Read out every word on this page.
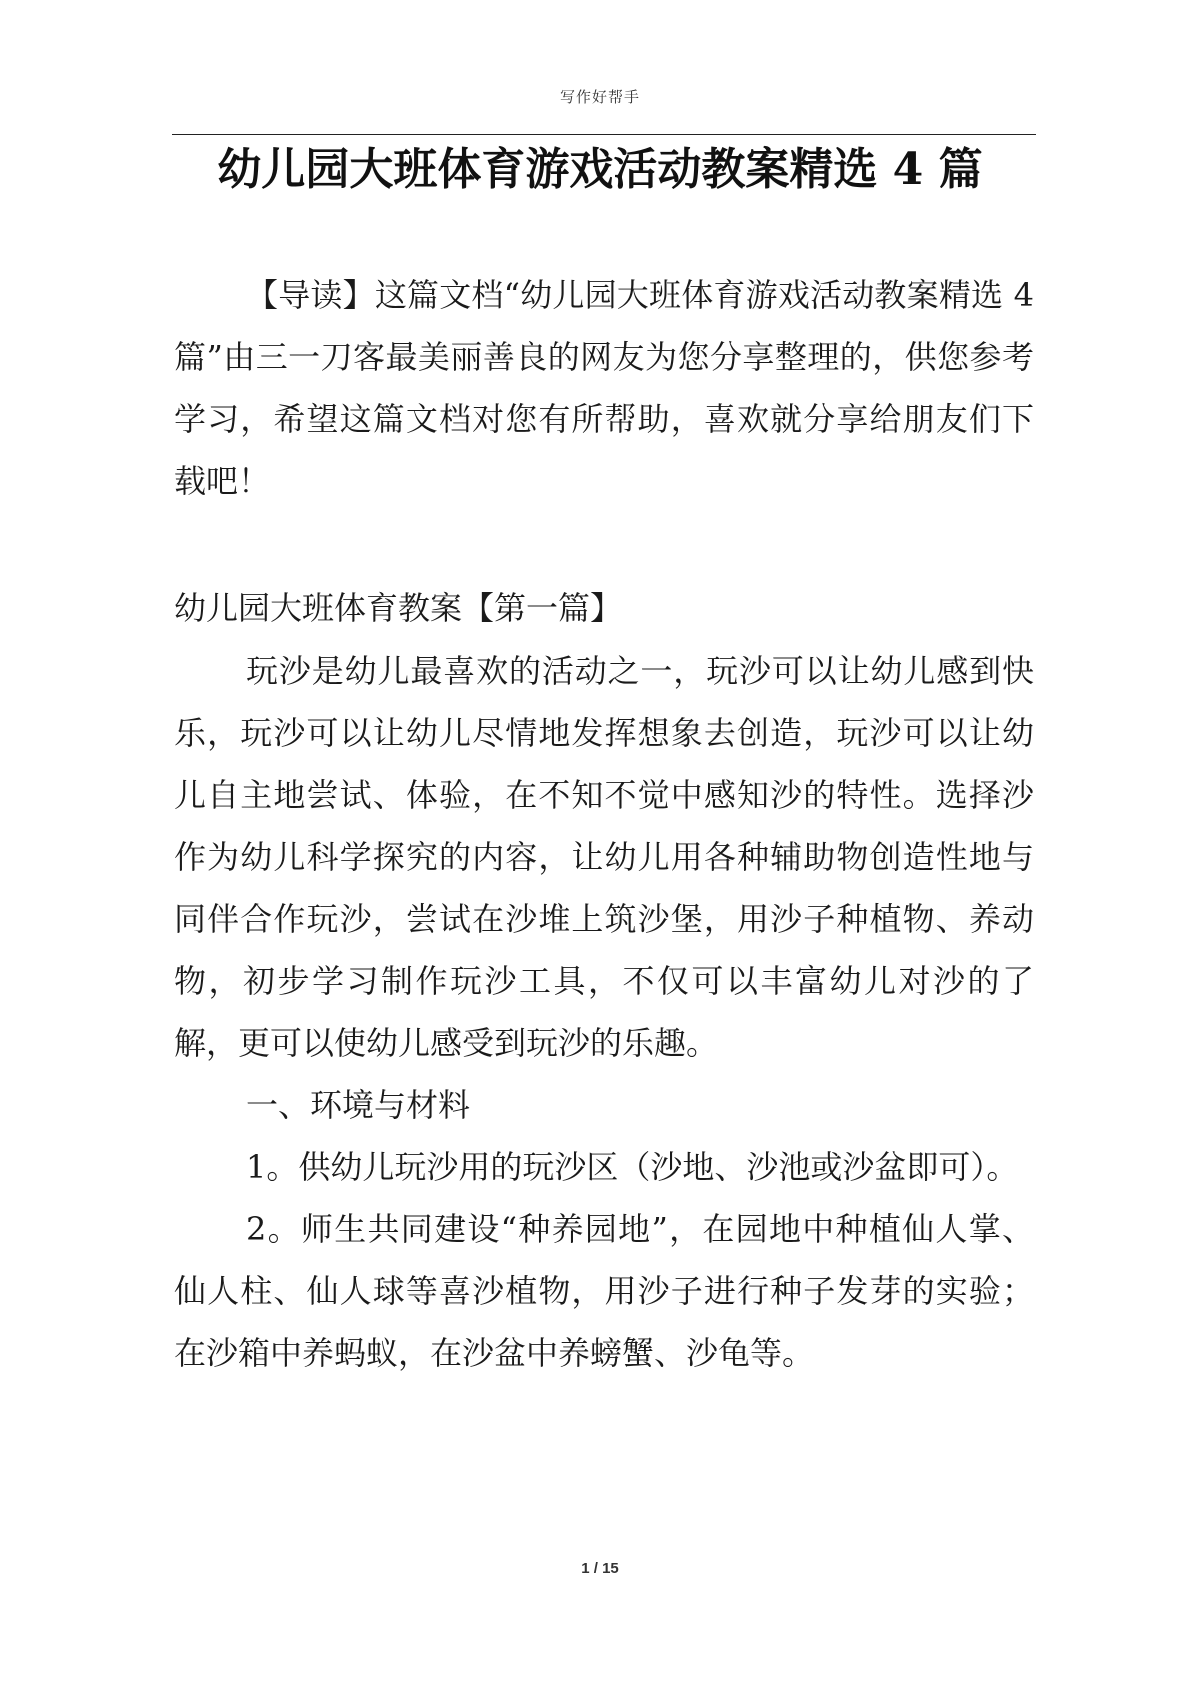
写作好帮手
幼儿园大班体育游戏活动教案精选 4 篇

【导读】这篇文档“幼儿园大班体育游戏活动教案精选 4 篇”由三一刀客最美丽善良的网友为您分享整理的，供您参考学习，希望这篇文档对您有所帮助，喜欢就分享给朋友们下载吧！

幼儿园大班体育教案【第一篇】

玩沙是幼儿最喜欢的活动之一，玩沙可以让幼儿感到快乐，玩沙可以让幼儿尽情地发挥想象去创造，玩沙可以让幼儿自主地尝试、体验，在不知不觉中感知沙的特性。选择沙作为幼儿科学探究的内容，让幼儿用各种辅助物创造性地与同伴合作玩沙，尝试在沙堆上筑沙堡，用沙子种植物、养动物，初步学习制作玩沙工具，不仅可以丰富幼儿对沙的了解，更可以使幼儿感受到玩沙的乐趣。

一、环境与材料

1。供幼儿玩沙用的玩沙区（沙地、沙池或沙盆即可）。

2。师生共同建设“种养园地”，在园地中种植仙人掌、仙人柱、仙人球等喜沙植物，用沙子进行种子发芽的实验；在沙箱中养蚂蚁，在沙盆中养螃蟹、沙龟等。

1 / 15
